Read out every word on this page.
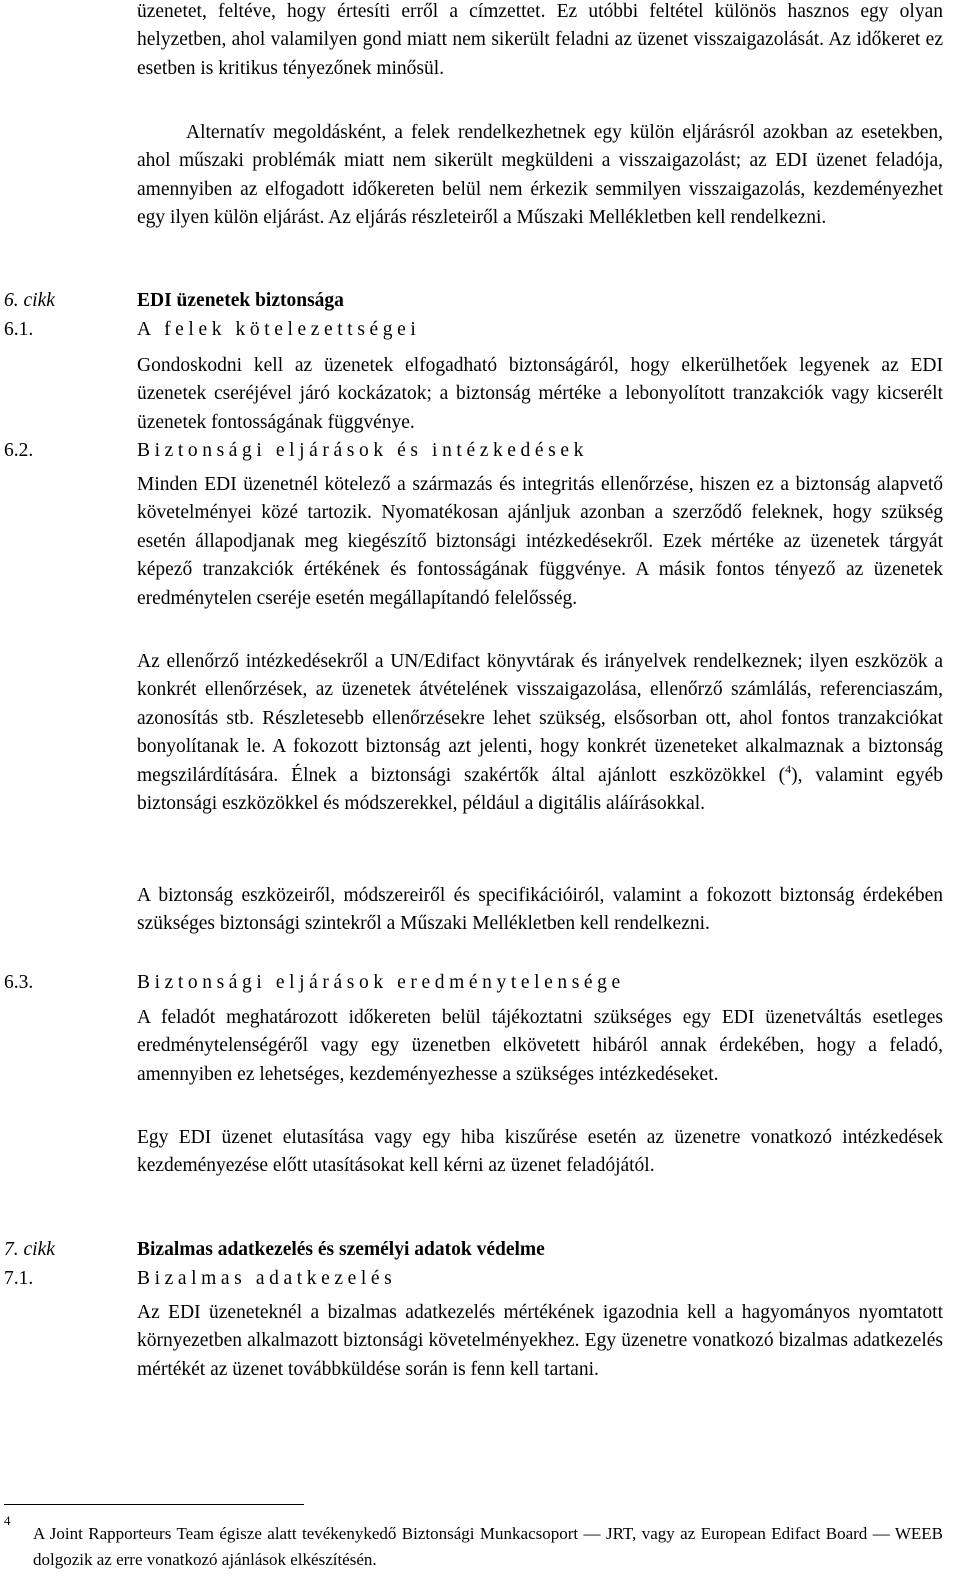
üzenetet, feltéve, hogy értesíti erről a címzettet. Ez utóbbi feltétel különös hasznos egy olyan helyzetben, ahol valamilyen gond miatt nem sikerült feladni az üzenet visszaigazolását. Az időkeret ez esetben is kritikus tényezőnek minősül.

Alternatív megoldásként, a felek rendelkezhetnek egy külön eljárásról azokban az esetekben, ahol műszaki problémák miatt nem sikerült megküldeni a visszaigazolást; az EDI üzenet feladója, amennyiben az elfogadott időkereten belül nem érkezik semmilyen visszaigazolás, kezdeményezhet egy ilyen külön eljárást. Az eljárás részleteiről a Műszaki Mellékletben kell rendelkezni.

6. cikk	EDI üzenetek biztonsága
6.1.	A felek kötelezettségei

Gondoskodni kell az üzenetek elfogadható biztonságáról, hogy elkerülhetőek legyenek az EDI üzenetek cseréjével járó kockázatok; a biztonság mértéke a lebonyolított tranzakciók vagy kicserélt üzenetek fontosságának függvénye.

6.2.	Biztonsági eljárások és intézkedések

Minden EDI üzenetnél kötelező a származás és integritás ellenőrzése, hiszen ez a biztonság alapvető követelményei közé tartozik. Nyomatékosan ajánljuk azonban a szerződő feleknek, hogy szükség esetén állapodjanak meg kiegészítő biztonsági intézkedésekről. Ezek mértéke az üzenetek tárgyát képező tranzakciók értékének és fontosságának függvénye. A másik fontos tényező az üzenetek eredménytelen cseréje esetén megállapítandó felelősség.

Az ellenőrző intézkedésekről a UN/Edifact könyvtárak és irányelvek rendelkeznek; ilyen eszközök a konkrét ellenőrzések, az üzenetek átvételének visszaigazolása, ellenőrző számlálás, referenciaszám, azonosítás stb. Részletesebb ellenőrzésekre lehet szükség, elsősorban ott, ahol fontos tranzakciókat bonyolítanak le. A fokozott biztonság azt jelenti, hogy konkrét üzeneteket alkalmaznak a biztonság megszilárdítására. Élnek a biztonsági szakértők által ajánlott eszközökkel ($^4$), valamint egyéb biztonsági eszközökkel és módszerekkel, például a digitális aláírásokkal.

A biztonság eszközeiről, módszereiről és specifikációiról, valamint a fokozott biztonság érdekében szükséges biztonsági szintekről a Műszaki Mellékletben kell rendelkezni.

6.3.	Biztonsági eljárások eredménytelensége

A feladót meghatározott időkereten belül tájékoztatni szükséges egy EDI üzenetváltás esetleges eredménytelenségéről vagy egy üzenetben elkövetett hibáról annak érdekében, hogy a feladó, amennyiben ez lehetséges, kezdeményezhesse a szükséges intézkedéseket.

Egy EDI üzenet elutasítása vagy egy hiba kiszűrése esetén az üzenetre vonatkozó intézkedések kezdeményezése előtt utasításokat kell kérni az üzenet feladójától.

7. cikk	Bizalmas adatkezelés és személyi adatok védelme
7.1.	Bizalmas adatkezelés

Az EDI üzeneteknél a bizalmas adatkezelés mértékének igazodnia kell a hagyományos nyomtatott környezetben alkalmazott biztonsági követelményekhez. Egy üzenetre vonatkozó bizalmas adatkezelés mértékét az üzenet továbbküldése során is fenn kell tartani.

4

A Joint Rapporteurs Team égisze alatt tevékenykedő Biztonsági Munkacsoport — JRT, vagy az European Edifact Board — WEEB dolgozik az erre vonatkozó ajánlások elkészítésén.
